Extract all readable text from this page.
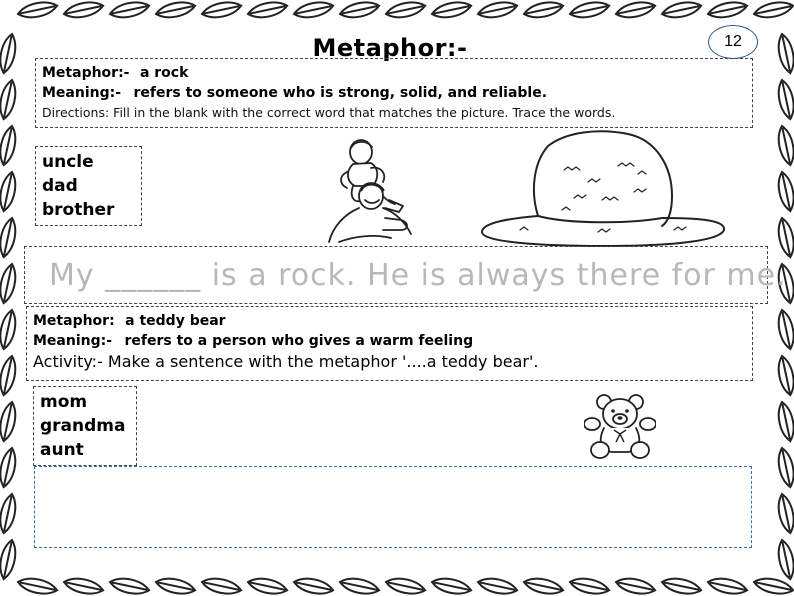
Metaphor:-	12
Metaphor:- a rock
Meaning:- refers to someone who is strong, solid, and reliable.
Directions: Fill in the blank with the correct word that matches the picture. Trace the words.
uncle
dad
brother
My ______ is a rock. He is always there for me.
Metaphor: a teddy bear
Meaning:- refers to a person who gives a warm feeling
Activity:- Make a sentence with the metaphor '....a teddy bear'.
mom
grandma
aunt
